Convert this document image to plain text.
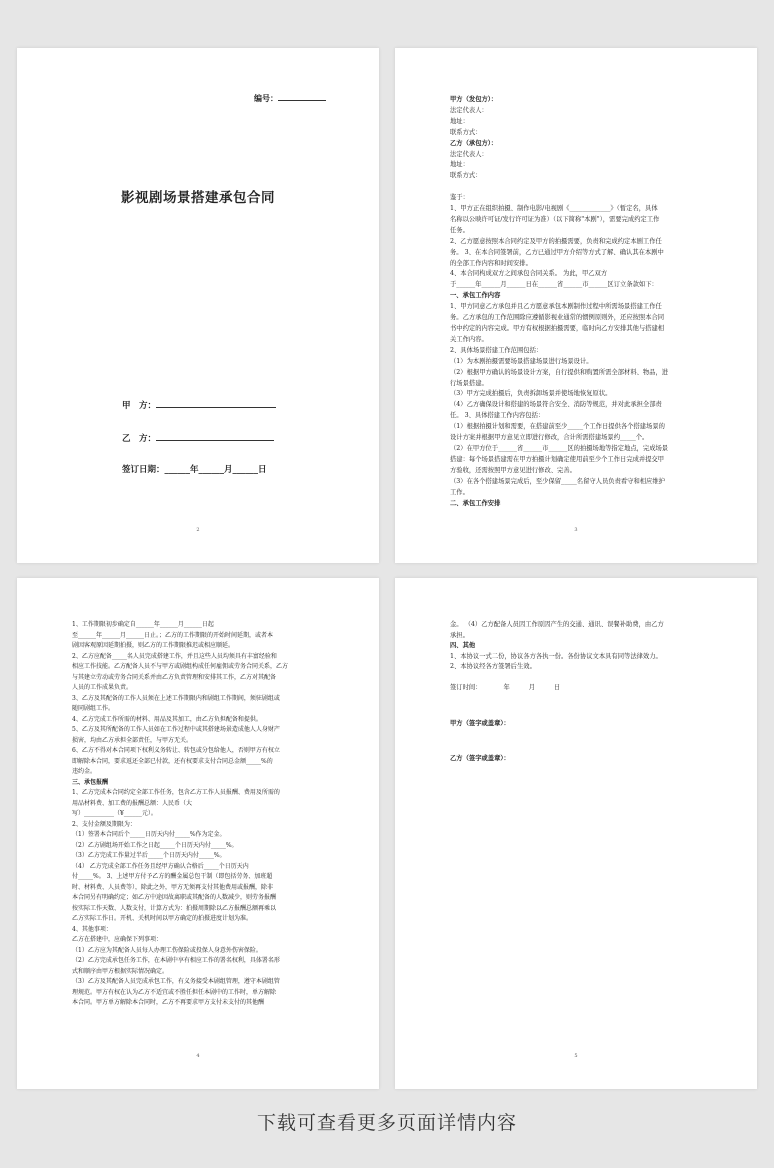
编号：
影视剧场景搭建承包合同
甲　方：
乙　方：
签订日期：______年______月______日
2

甲方（发包方）：

法定代表人：

地址：

联系方式：

乙方（承包方）：

法定代表人：

地址：

联系方式：

鉴于：

1、甲方正在组织拍摄、制作电影/电视剧《_____________》（暂定名，具体

名称以公映许可证/发行许可证为准）（以下简称"本剧"），需要完成约定工作

任务。

2、乙方愿意按照本合同约定及甲方的拍摄需要，负责和完成约定本剧工作任

务。 3、在本合同签署前，乙方已通过甲方介绍等方式了解、确认其在本剧中

的全部工作内容和时间安排。

4、本合同构成双方之间承包合同关系。 为此，甲乙双方

于______年______月______日在______省______市______区订立条款如下：

一、承包工作内容

1、甲方同意乙方承包并且乙方愿意承包本剧制作过程中所需场景搭建工作任

务。乙方承包的工作范围除应遵循影视业通常的惯例原则外，还应按照本合同

书中约定的内容完成。甲方有权根据拍摄需要，临时向乙方安排其他与搭建相

关工作内容。

2、具体场景搭建工作范围包括：

（1）为本剧拍摄需要场景搭建场景进行场景设计。

（2）根据甲方确认的场景设计方案，自行提供和购置所需全部材料、物品，进

行场景搭建。

（3）甲方完成拍摄后，负责拆卸场景并使场地恢复原状。

（4）乙方确保设计和搭建的场景符合安全、消防等规范，并对此承担全部责

任。 3、具体搭建工作内容包括：

（1）根据拍摄计划和需要，在搭建前至少_____个工作日提供各个搭建场景的

设计方案并根据甲方意见立即进行修改，合计所需搭建场景约_____个。

（2）在甲方位于______省______市______区的拍摄场地等指定地点，完成场景

搭建：每个场景搭建需在甲方拍摄计划确定使用前至少个工作日完成并提交甲

方验收，还需按照甲方意见进行修改、完善。

（3）在各个搭建场景完成后，至少保留_____名留守人员负责看守和相应维护

工作。

二、承包工作安排

3

1、工作期限初步确定自______年______月______日起

至______年______月______日止。；乙方的工作期限的开始时间延期，或者本

剧因客观原因延期拍摄，则乙方的工作期限推迟或相应顺延。

2、乙方应配备_____名人员完成搭建工作，并且这些人员均须具有丰富经验和

相应工作技能。乙方配备人员不与甲方或剧组构成任何雇佣或劳务合同关系，乙方

与其建立劳动或劳务合同关系并由乙方负责管理和安排其工作，乙方对其配备

人员的工作成果负责。

3、乙方及其配备的工作人员须在上述工作期限内和剧组工作期间，须驻剧组或

随同剧组工作。

4、乙方完成工作所需的材料、用品及其加工，由乙方负担配备和提供。

5、乙方及其所配备的工作人员如在工作过程中或其搭建场景造成他人人身财产

损害，均由乙方承担全部责任，与甲方无关。

6、乙方不得对本合同项下权利义务转让、转包或分包给他人，否则甲方有权立

即解除本合同，要求返还全部已付款，还有权要求支付合同总金额_____%的

违约金。

三、承包报酬

1、乙方完成本合同约定全部工作任务，包含乙方工作人员报酬、费用及所需的

用品材料费、加工费的报酬总额：人民币（大

写）__________（¥______元）。

2、支付金额及期限为：

（1）签署本合同后个_____日历天内付_____%作为定金。

（2）乙方剧组场开始工作之日起_____个日历天内付_____%。

（3）乙方完成工作量过半后_____个日历天内付_____%。

（4） 乙方完成全部工作任务且经甲方确认合格后_____个日历天内

付_____%。 3、上述甲方付予乙方的酬金属总包干制（即包括劳务、加班超

时、材料费、人员费等），除此之外，甲方无须再支付其他费用或报酬，除非

本合同另有明确约定；如乙方中途因故离职或其配备的人数减少，则劳务报酬

按实际工作天数、人数支付，计算方式为：拍摄周期除以乙方报酬总额再乘以

乙方实际工作日。开机、关机时间以甲方确定的拍摄进度计划为准。

4、其他事项：

乙方在搭建中，应确保下列事项：

（1）乙方应为其配备人员每人办理工伤保险或投保人身意外伤害保险。

（2）乙方完成承包任务工作，在本剧中享有相应工作的署名权利，具体署名形

式和顺序由甲方根据实际情况确定。

（3）乙方及其配备人员完成承包工作，有义务接受本剧组管理，遵守本剧组管

理规范。甲方有权在认为乙方不适宜或不胜任担任本剧中的工作时，单方解除

本合同。甲方单方解除本合同时，乙方不再要求甲方支付未支付的其他酬

4

金。 （4）乙方配备人员因工作原因产生的交通、通讯、误餐补助费，由乙方

承担。

四、其他

1、本协议一式二份，协议各方各执一份。各份协议文本具有同等法律效力。

2、本协议经各方签署后生效。

签订时间：　　　　年　　　月　　　日

甲方（签字或盖章）：

乙方（签字或盖章）：

5
下载可查看更多页面详情内容
